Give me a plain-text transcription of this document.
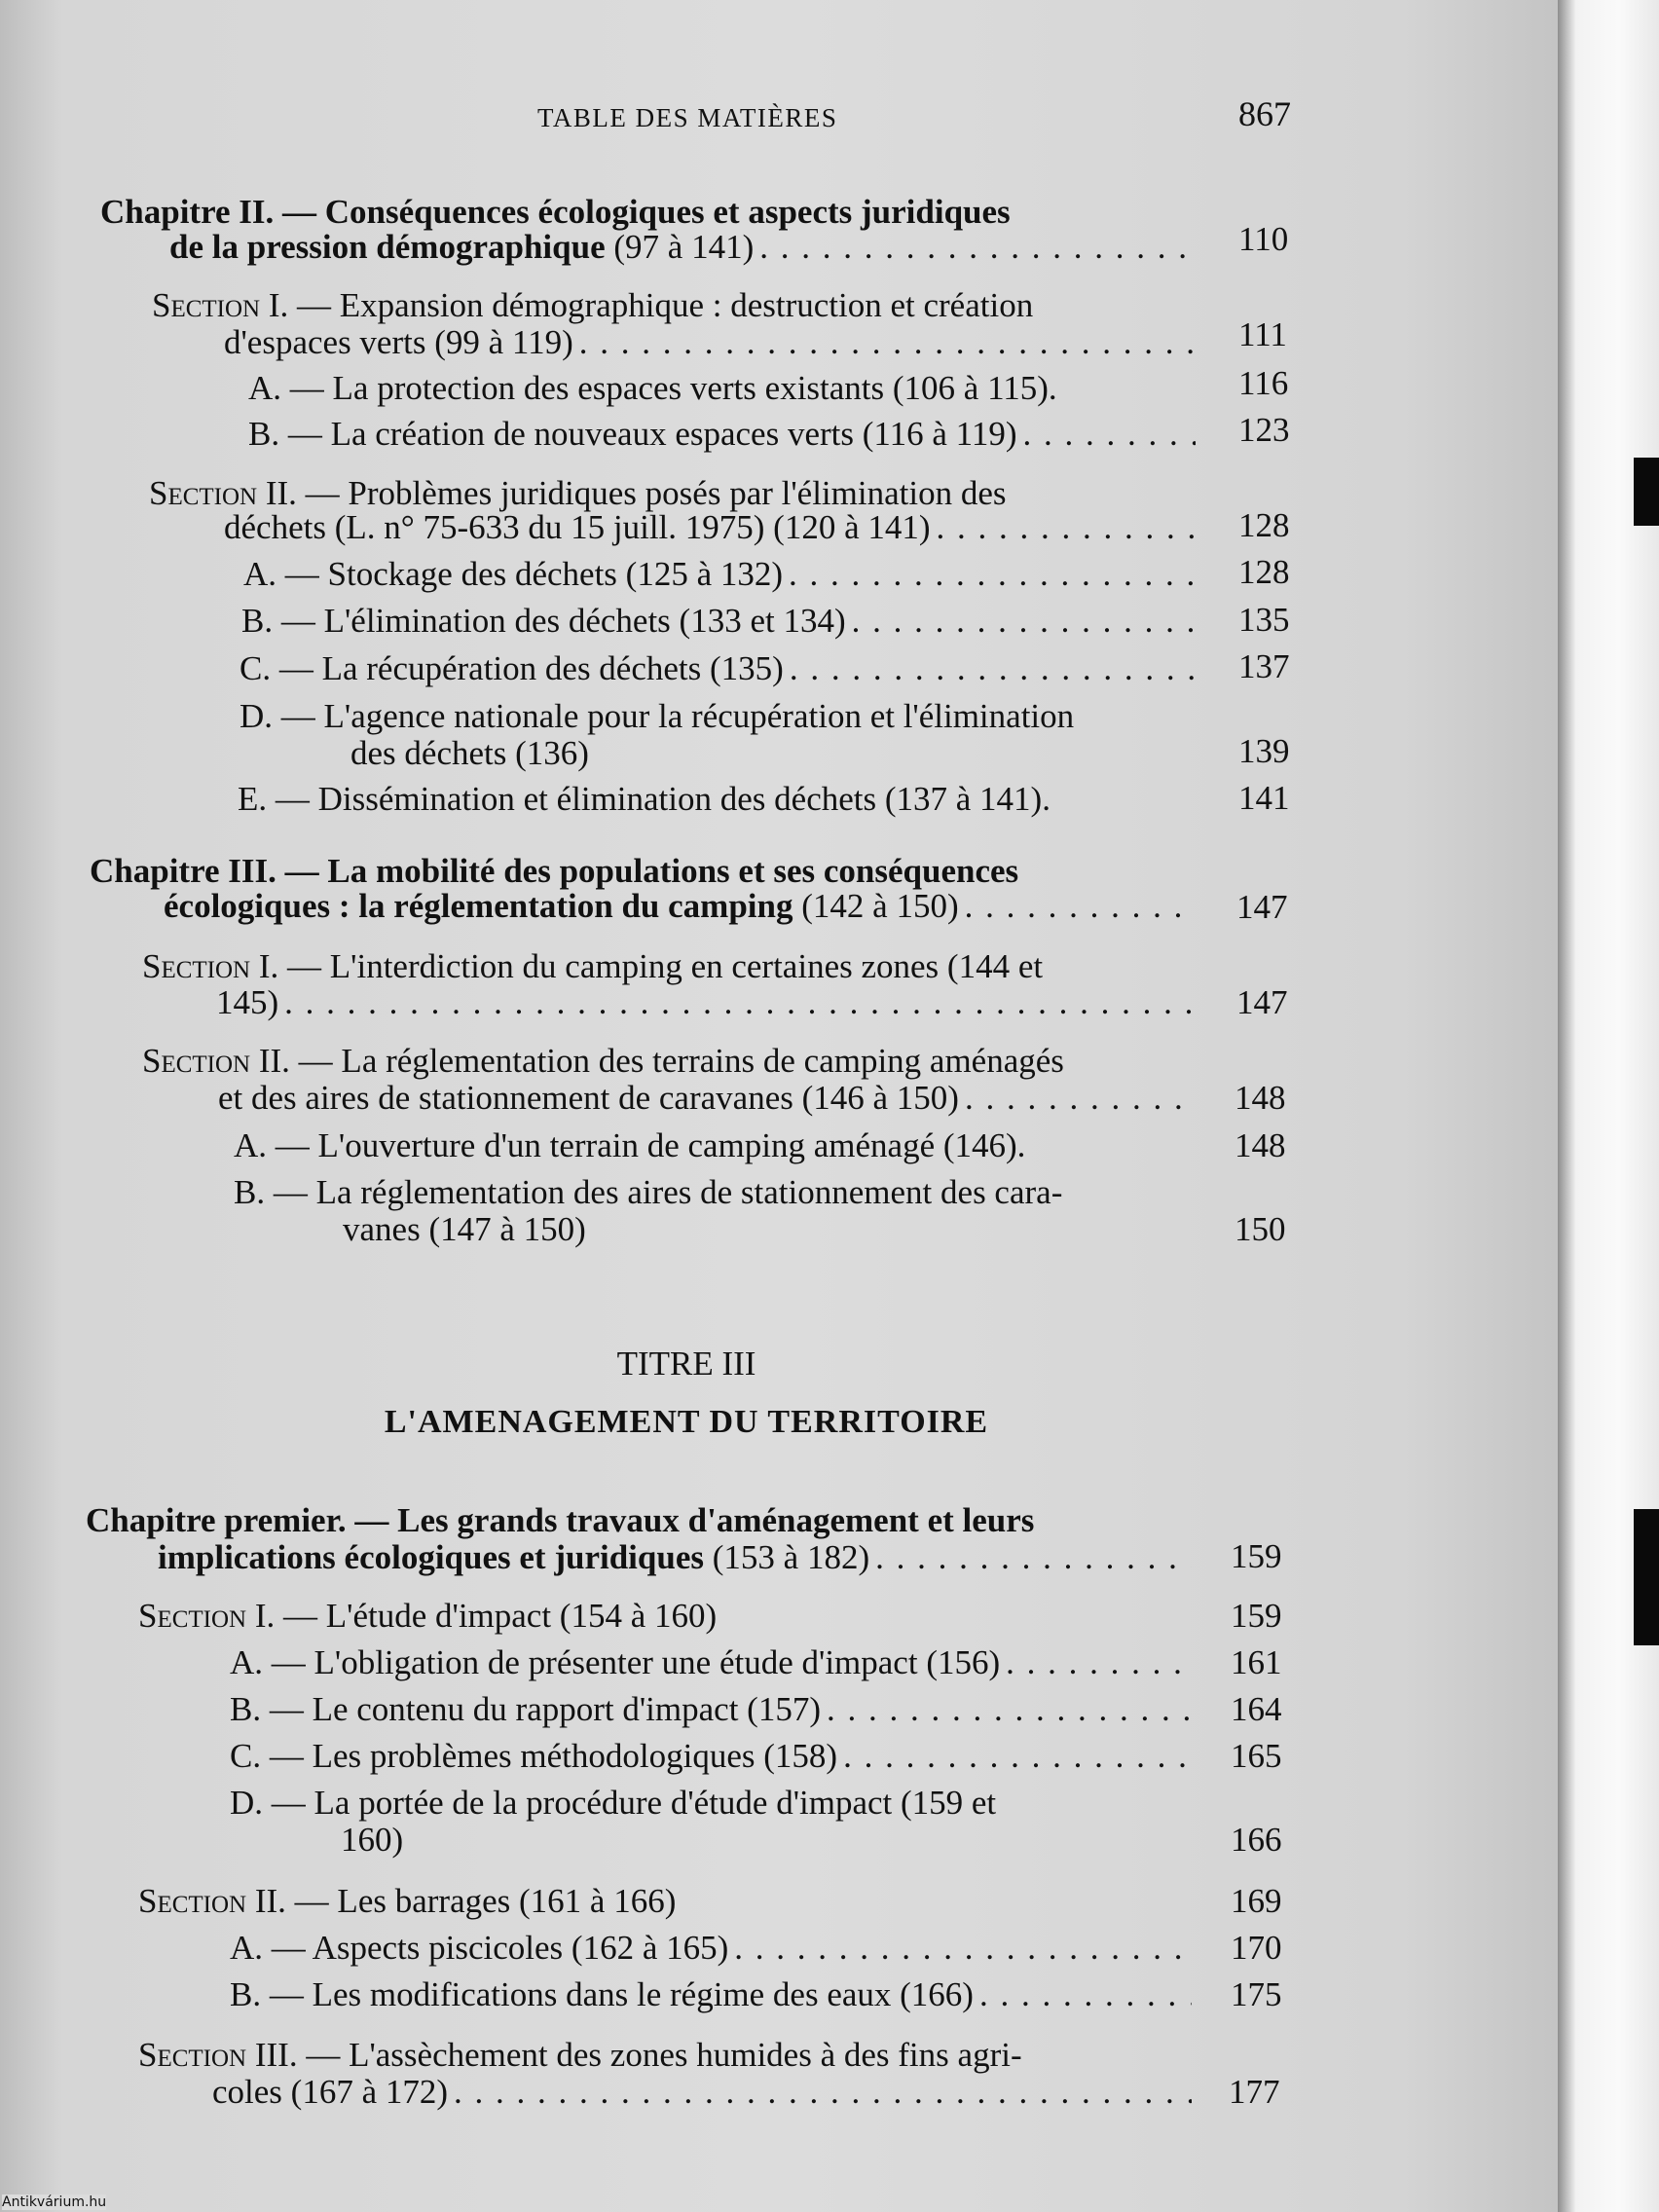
TABLE DES MATIÈRES	867
Chapitre II. — Conséquences écologiques et aspects juridiques
de la pression démographique
(97 à 141) . . .	110
Section I. — Expansion démographique : destruction et création
d'espaces verts (99 à 119) . . .	111
A. — La protection des espaces verts existants (106 à 115).	116
B. — La création de nouveaux espaces verts (116 à 119) . . .	123
Section II. — Problèmes juridiques posés par l'élimination des
déchets (L. n° 75-633 du 15 juill. 1975) (120 à 141) . . .	128
A. — Stockage des déchets (125 à 132) . . .	128
B. — L'élimination des déchets (133 et 134) . . .	135
C. — La récupération des déchets (135) . . .	137
D. — L'agence nationale pour la récupération et l'élimination
des déchets (136)	139
E. — Dissémination et élimination des déchets (137 à 141).	141
Chapitre III. — La mobilité des populations et ses conséquences
écologiques : la réglementation du camping
(142 à 150) . . .	147
Section I. — L'interdiction du camping en certaines zones (144 et
145) . . .	147
Section II. — La réglementation des terrains de camping aménagés
et des aires de stationnement de caravanes (146 à 150) . . .	148
A. — L'ouverture d'un terrain de camping aménagé (146).	148
B. — La réglementation des aires de stationnement des cara-
vanes (147 à 150)	150
TITRE III
L'AMENAGEMENT DU TERRITOIRE
Chapitre premier. — Les grands travaux d'aménagement et leurs
implications écologiques et juridiques
(153 à 182) . . .	159
Section I. — L'étude d'impact (154 à 160)	159
A. — L'obligation de présenter une étude d'impact (156) . . .	161
B. — Le contenu du rapport d'impact (157) . . .	164
C. — Les problèmes méthodologiques (158) . . .	165
D. — La portée de la procédure d'étude d'impact (159 et
160)	166
Section II. — Les barrages (161 à 166)	169
A. — Aspects piscicoles (162 à 165) . . .	170
B. — Les modifications dans le régime des eaux (166) . . .	175
Section III. — L'assèchement des zones humides à des fins agri-
coles (167 à 172) . . .	177
Antikvárium.hu
